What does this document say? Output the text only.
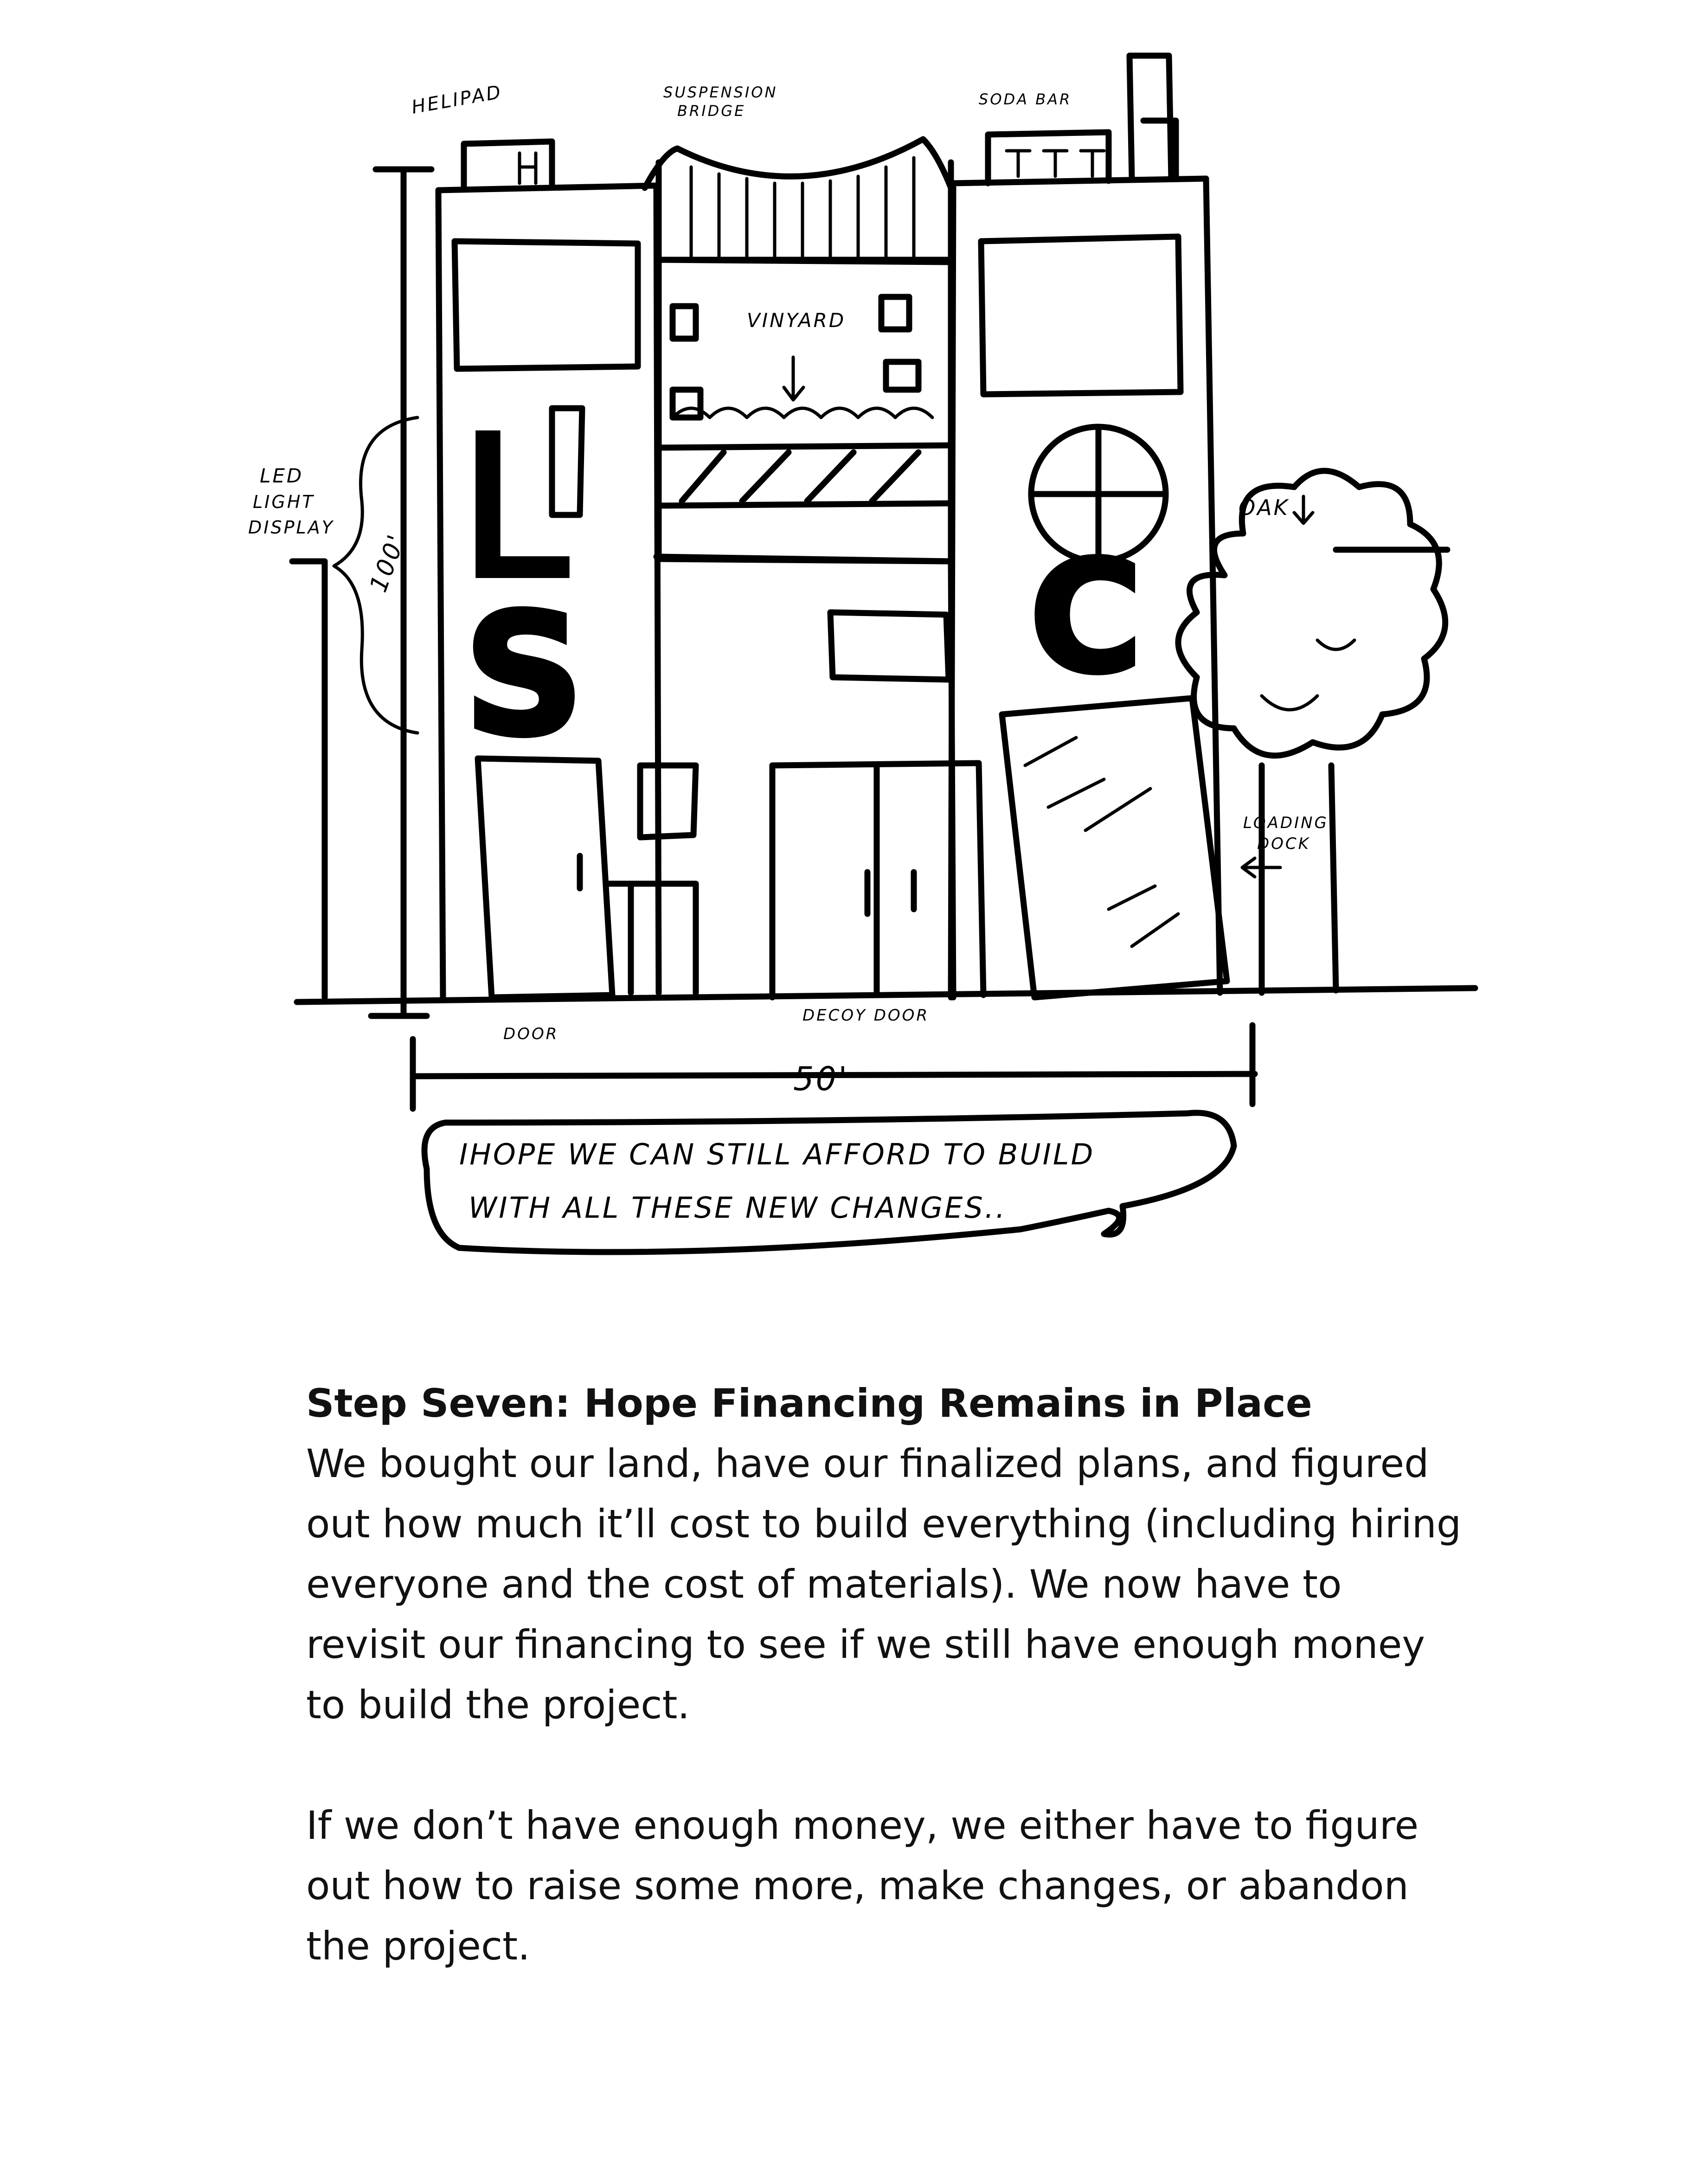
L
S
VINYARD
C
OAK
LOADING
DOCK
HELIPAD	SUSPENSION
BRIDGE
SODA BAR
LED
LIGHT
DISPLAY
100'
DOOR
DECOY DOOR
50'
IHOPE WE CAN STILL AFFORD TO BUILD
WITH ALL THESE NEW CHANGES..
Step Seven: Hope Financing Remains in Place

We bought our land, have our finalized plans, and figured out how much it’ll cost to build everything (including hiring everyone and the cost of materials). We now have to revisit our financing to see if we still have enough money to build the project.

If we don’t have enough money, we either have to figure out how to raise some more, make changes, or abandon the project.
